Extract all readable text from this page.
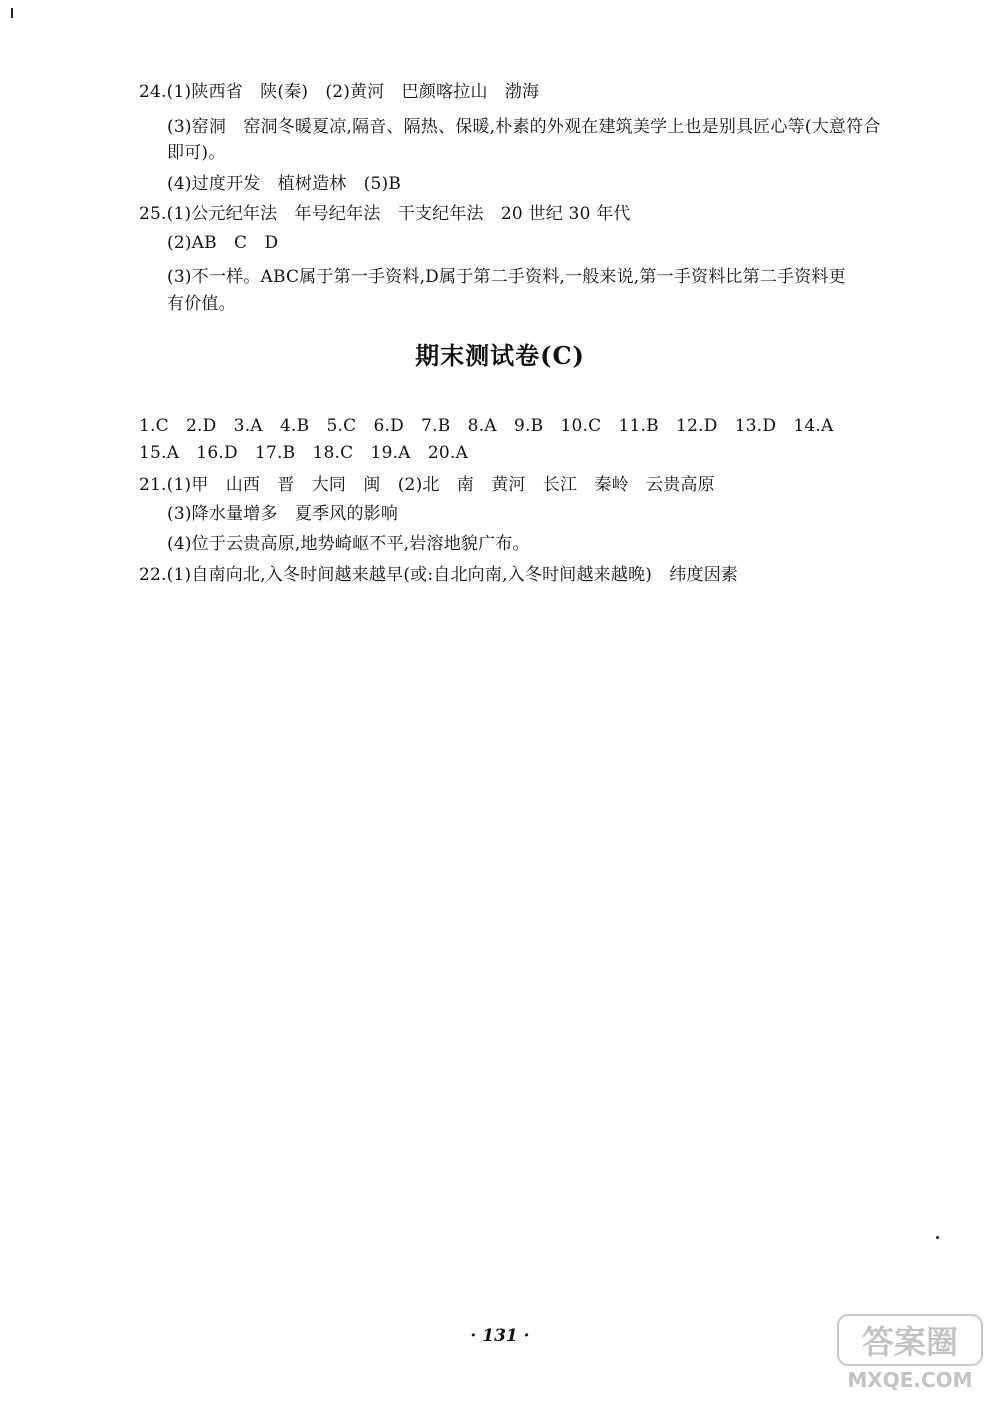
24.(1)陕西省　陕(秦)　(2)黄河　巴颜喀拉山　渤海
(3)窑洞　窑洞冬暖夏凉,隔音、隔热、保暖,朴素的外观在建筑美学上也是别具匠心等(大意符合
即可)。
(4)过度开发　植树造林　(5)B
25.(1)公元纪年法　年号纪年法　干支纪年法　20 世纪 30 年代
(2)AB　C　D
(3)不一样。ABC属于第一手资料,D属于第二手资料,一般来说,第一手资料比第二手资料更
有价值。
期末测试卷(C)
1.C　2.D　3.A　4.B　5.C　6.D　7.B　8.A　9.B　10.C　11.B　12.D　13.D　14.A
15.A　16.D　17.B　18.C　19.A　20.A
21.(1)甲　山西　晋　大同　闽　(2)北　南　黄河　长江　秦岭　云贵高原
(3)降水量增多　夏季风的影响
(4)位于云贵高原,地势崎岖不平,岩溶地貌广布。
22.(1)自南向北,入冬时间越来越早(或:自北向南,入冬时间越来越晚)　纬度因素
· 131 ·	答案圈
MXQE.COM
